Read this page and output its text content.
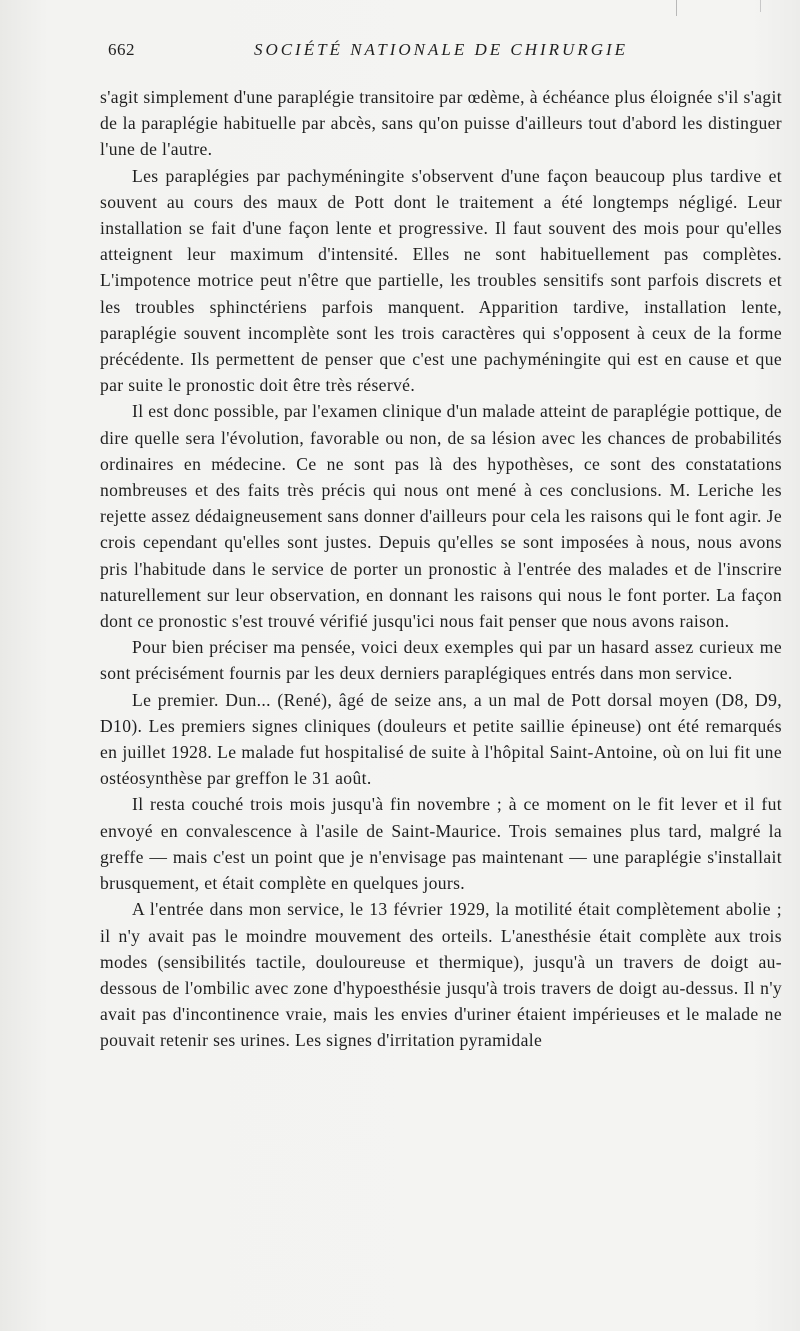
662	SOCIÉTÉ NATIONALE DE CHIRURGIE

s'agit simplement d'une paraplégie transitoire par œdème, à échéance plus éloignée s'il s'agit de la paraplégie habituelle par abcès, sans qu'on puisse d'ailleurs tout d'abord les distinguer l'une de l'autre.

Les paraplégies par pachyméningite s'observent d'une façon beaucoup plus tardive et souvent au cours des maux de Pott dont le traitement a été longtemps négligé. Leur installation se fait d'une façon lente et progressive. Il faut souvent des mois pour qu'elles atteignent leur maximum d'intensité. Elles ne sont habituellement pas complètes. L'impotence motrice peut n'être que partielle, les troubles sensitifs sont parfois discrets et les troubles sphinctériens parfois manquent. Apparition tardive, installation lente, paraplégie souvent incomplète sont les trois caractères qui s'opposent à ceux de la forme précédente. Ils permettent de penser que c'est une pachyméningite qui est en cause et que par suite le pronostic doit être très réservé.

Il est donc possible, par l'examen clinique d'un malade atteint de paraplégie pottique, de dire quelle sera l'évolution, favorable ou non, de sa lésion avec les chances de probabilités ordinaires en médecine. Ce ne sont pas là des hypothèses, ce sont des constatations nombreuses et des faits très précis qui nous ont mené à ces conclusions. M. Leriche les rejette assez dédaigneusement sans donner d'ailleurs pour cela les raisons qui le font agir. Je crois cependant qu'elles sont justes. Depuis qu'elles se sont imposées à nous, nous avons pris l'habitude dans le service de porter un pronostic à l'entrée des malades et de l'inscrire naturellement sur leur observation, en donnant les raisons qui nous le font porter. La façon dont ce pronostic s'est trouvé vérifié jusqu'ici nous fait penser que nous avons raison.

Pour bien préciser ma pensée, voici deux exemples qui par un hasard assez curieux me sont précisément fournis par les deux derniers paraplégiques entrés dans mon service.

Le premier. Dun... (René), âgé de seize ans, a un mal de Pott dorsal moyen (D8, D9, D10). Les premiers signes cliniques (douleurs et petite saillie épineuse) ont été remarqués en juillet 1928. Le malade fut hospitalisé de suite à l'hôpital Saint-Antoine, où on lui fit une ostéosynthèse par greffon le 31 août.

Il resta couché trois mois jusqu'à fin novembre ; à ce moment on le fit lever et il fut envoyé en convalescence à l'asile de Saint-Maurice. Trois semaines plus tard, malgré la greffe — mais c'est un point que je n'envisage pas maintenant — une paraplégie s'installait brusquement, et était complète en quelques jours.

A l'entrée dans mon service, le 13 février 1929, la motilité était complètement abolie ; il n'y avait pas le moindre mouvement des orteils. L'anesthésie était complète aux trois modes (sensibilités tactile, douloureuse et thermique), jusqu'à un travers de doigt au-dessous de l'ombilic avec zone d'hypoesthésie jusqu'à trois travers de doigt au-dessus. Il n'y avait pas d'incontinence vraie, mais les envies d'uriner étaient impérieuses et le malade ne pouvait retenir ses urines. Les signes d'irritation pyramidale
